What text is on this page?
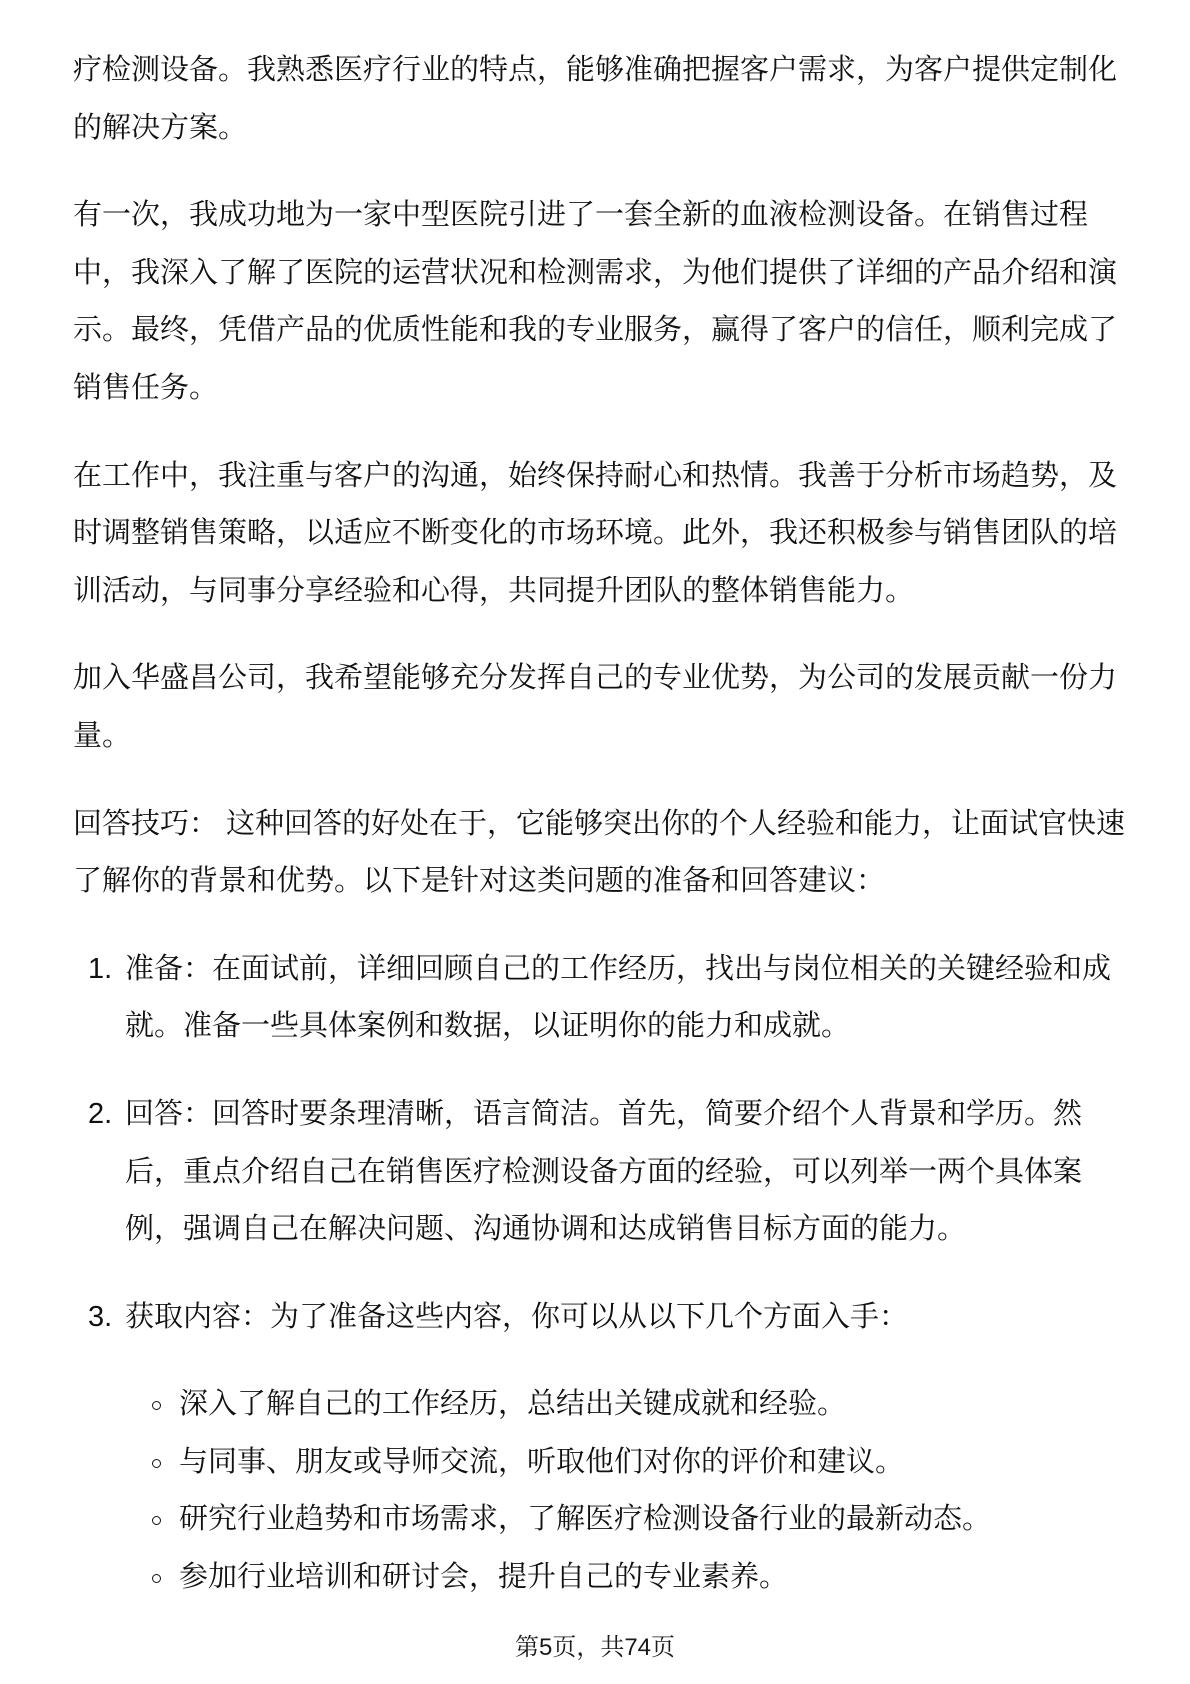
疗检测设备。我熟悉医疗行业的特点，能够准确把握客户需求，为客户提供定制化的解决方案。

有一次，我成功地为一家中型医院引进了一套全新的血液检测设备。在销售过程中，我深入了解了医院的运营状况和检测需求，为他们提供了详细的产品介绍和演示。最终，凭借产品的优质性能和我的专业服务，赢得了客户的信任，顺利完成了销售任务。

在工作中，我注重与客户的沟通，始终保持耐心和热情。我善于分析市场趋势，及时调整销售策略，以适应不断变化的市场环境。此外，我还积极参与销售团队的培训活动，与同事分享经验和心得，共同提升团队的整体销售能力。

加入华盛昌公司，我希望能够充分发挥自己的专业优势，为公司的发展贡献一份力量。

回答技巧： 这种回答的好处在于，它能够突出你的个人经验和能力，让面试官快速了解你的背景和优势。以下是针对这类问题的准备和回答建议：

1. 准备：在面试前，详细回顾自己的工作经历，找出与岗位相关的关键经验和成就。准备一些具体案例和数据，以证明你的能力和成就。
2. 回答：回答时要条理清晰，语言简洁。首先，简要介绍个人背景和学历。然后，重点介绍自己在销售医疗检测设备方面的经验，可以列举一两个具体案例，强调自己在解决问题、沟通协调和达成销售目标方面的能力。
3. 获取内容：为了准备这些内容，你可以从以下几个方面入手：
深入了解自己的工作经历，总结出关键成就和经验。
与同事、朋友或导师交流，听取他们对你的评价和建议。
研究行业趋势和市场需求，了解医疗检测设备行业的最新动态。
参加行业培训和研讨会，提升自己的专业素养。
第5页，共74页
